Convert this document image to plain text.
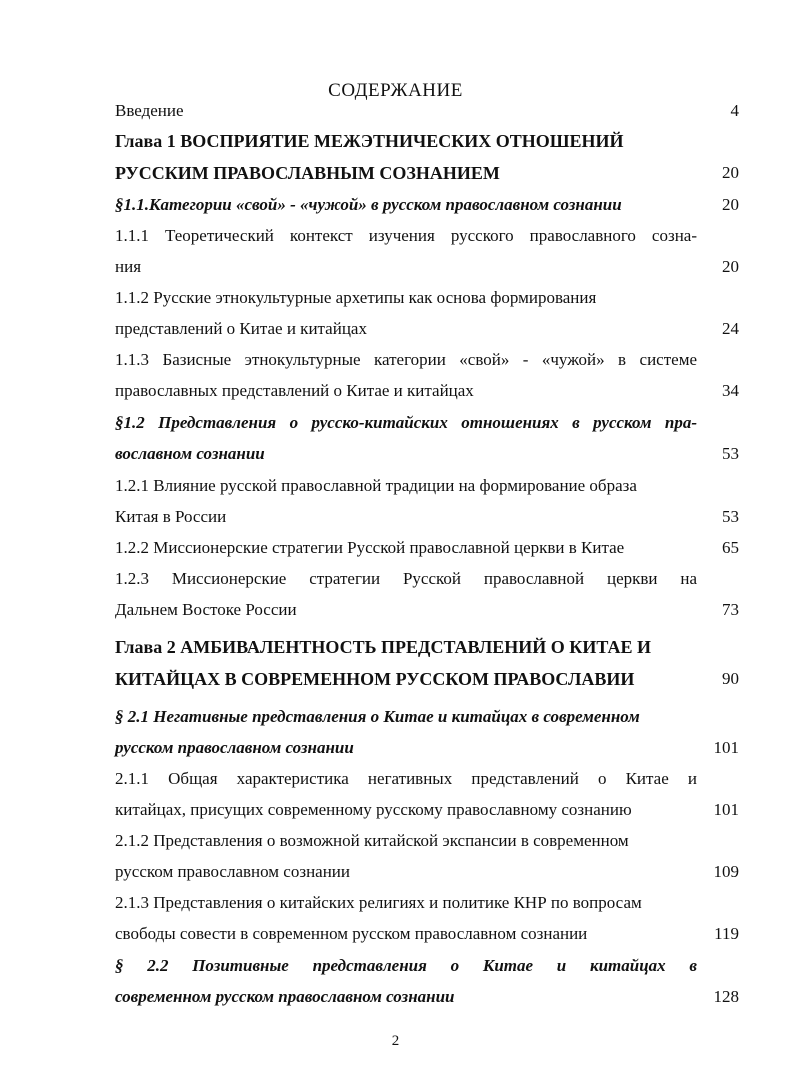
СОДЕРЖАНИЕ
Введение	4
Глава 1 ВОСПРИЯТИЕ МЕЖЭТНИЧЕСКИХ ОТНОШЕНИЙ
РУССКИМ ПРАВОСЛАВНЫМ СОЗНАНИЕМ	20
§1.1.Категории «свой» - «чужой» в русском православном сознании	20
1.1.1 Теоретический контекст изучения русского православного созна-
ния	20
1.1.2 Русские этнокультурные архетипы как основа формирования
представлений о Китае и китайцах	24
1.1.3 Базисные этнокультурные категории «свой» - «чужой» в системе
православных представлений о Китае и китайцах	34
§1.2 Представления о русско-китайских отношениях в русском пра-
вославном сознании	53
1.2.1 Влияние русской православной традиции на формирование образа
Китая в России	53
1.2.2 Миссионерские стратегии Русской православной церкви в Китае	65
1.2.3 Миссионерские стратегии Русской православной церкви на
Дальнем Востоке России	73
Глава 2 АМБИВАЛЕНТНОСТЬ ПРЕДСТАВЛЕНИЙ О КИТАЕ И
КИТАЙЦАХ В СОВРЕМЕННОМ РУССКОМ ПРАВОСЛАВИИ	90
§ 2.1 Негативные представления о Китае и китайцах в современном
русском православном сознании	101
2.1.1 Общая характеристика негативных представлений о Китае и
китайцах, присущих современному русскому православному сознанию	101
2.1.2 Представления о возможной китайской экспансии в современном
русском православном сознании	109
2.1.3 Представления о китайских религиях и политике КНР по вопросам
свободы совести в современном русском православном сознании	119
§ 2.2 Позитивные представления о Китае и китайцах в
современном русском православном сознании	128
2
